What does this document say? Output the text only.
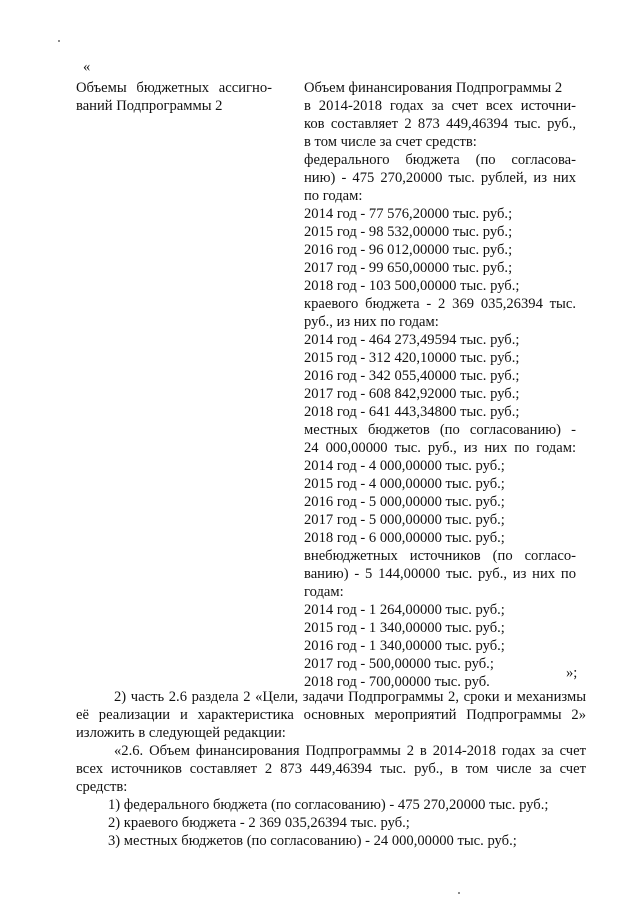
«
Объемы бюджетных ассигно-ваний Подпрограммы 2
Объем финансирования Подпрограммы 2
в 2014-2018 годах за счет всех источни-
ков составляет 2 873 449,46394 тыс. руб.,
в том числе за счет средств:
федерального бюджета (по согласова-
нию) - 475 270,20000 тыс. рублей, из них
по годам:
2014 год - 77 576,20000 тыс. руб.;
2015 год - 98 532,00000 тыс. руб.;
2016 год - 96 012,00000 тыс. руб.;
2017 год - 99 650,00000 тыс. руб.;
2018 год - 103 500,00000 тыс. руб.;
краевого бюджета - 2 369 035,26394 тыс.
руб., из них по годам:
2014 год - 464 273,49594 тыс. руб.;
2015 год - 312 420,10000 тыс. руб.;
2016 год - 342 055,40000 тыс. руб.;
2017 год - 608 842,92000 тыс. руб.;
2018 год - 641 443,34800 тыс. руб.;
местных бюджетов (по согласованию) -
24 000,00000 тыс. руб., из них по годам:
2014 год - 4 000,00000 тыс. руб.;
2015 год - 4 000,00000 тыс. руб.;
2016 год - 5 000,00000 тыс. руб.;
2017 год - 5 000,00000 тыс. руб.;
2018 год - 6 000,00000 тыс. руб.;
внебюджетных источников (по согласо-
ванию) - 5 144,00000 тыс. руб., из них по
годам:
2014 год - 1 264,00000 тыс. руб.;
2015 год - 1 340,00000 тыс. руб.;
2016 год - 1 340,00000 тыс. руб.;
2017 год - 500,00000 тыс. руб.;
2018 год - 700,00000 тыс. руб.
»;
2) часть 2.6 раздела 2 «Цели, задачи Подпрограммы 2, сроки и механизмы её реализации и характеристика основных мероприятий Подпрограммы 2» изложить в следующей редакции:
«2.6. Объем финансирования Подпрограммы 2 в 2014-2018 годах за счет всех источников составляет 2 873 449,46394 тыс. руб., в том числе за счет средств:
1) федерального бюджета (по согласованию) - 475 270,20000 тыс. руб.;
2) краевого бюджета - 2 369 035,26394 тыс. руб.;
3) местных бюджетов (по согласованию) - 24 000,00000 тыс. руб.;
